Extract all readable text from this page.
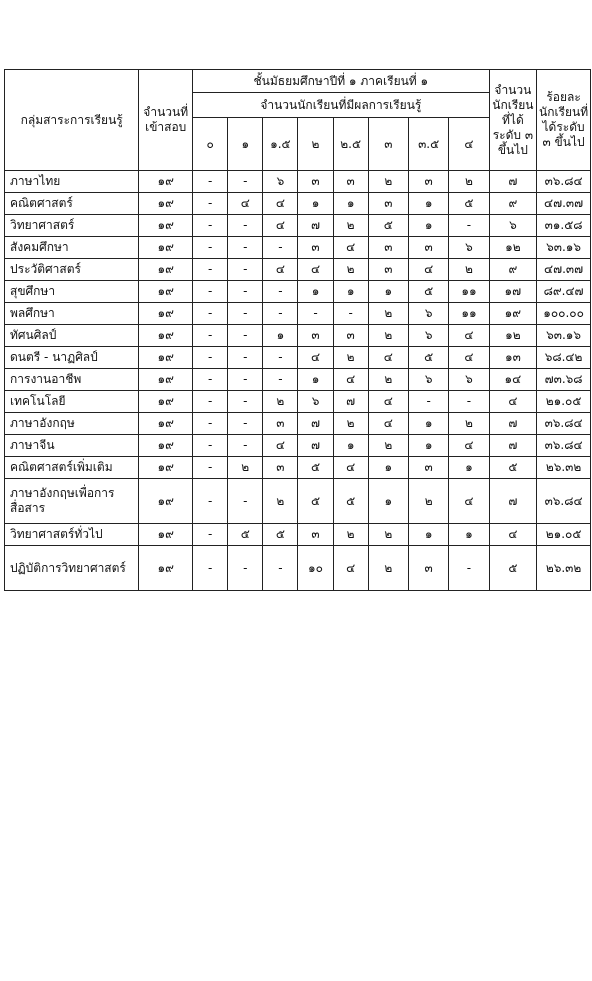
กลุ่มสาระการเรียนรู้	จำนวนที่เข้าสอบ	ชั้นมัธยมศึกษาปีที่ ๑ ภาคเรียนที่ ๑								จำนวนนักเรียนที่ได้ระดับ ๓ ขึ้นไป	ร้อยละนักเรียนที่ได้ระดับ ๓ ขึ้นไป
		จำนวนนักเรียนที่มีผลการเรียนรู้									
		๐	๑	๑.๕	๒	๒.๕	๓	๓.๕	๔		
ภาษาไทย	๑๙	-	-	๖	๓	๓	๒	๓	๒	๗	๓๖.๘๔
คณิตศาสตร์	๑๙	-	๔	๔	๑	๑	๓	๑	๕	๙	๔๗.๓๗
วิทยาศาสตร์	๑๙	-	-	๔	๗	๒	๕	๑	-	๖	๓๑.๕๘
สังคมศึกษา	๑๙	-	-	-	๓	๔	๓	๓	๖	๑๒	๖๓.๑๖
ประวัติศาสตร์	๑๙	-	-	๔	๔	๒	๓	๔	๒	๙	๔๗.๓๗
สุขศึกษา	๑๙	-	-	-	๑	๑	๑	๕	๑๑	๑๗	๘๙.๔๗
พลศึกษา	๑๙	-	-	-	-	-	๒	๖	๑๑	๑๙	๑๐๐.๐๐
ทัศนศิลป์	๑๙	-	-	๑	๓	๓	๒	๖	๔	๑๒	๖๓.๑๖
ดนตรี - นาฏศิลป์	๑๙	-	-	-	๔	๒	๔	๕	๔	๑๓	๖๘.๔๒
การงานอาชีพ	๑๙	-	-	-	๑	๔	๒	๖	๖	๑๔	๗๓.๖๘
เทคโนโลยี	๑๙	-	-	๒	๖	๗	๔	-	-	๔	๒๑.๐๕
ภาษาอังกฤษ	๑๙	-	-	๓	๗	๒	๔	๑	๒	๗	๓๖.๘๔
ภาษาจีน	๑๙	-	-	๔	๗	๑	๒	๑	๔	๗	๓๖.๘๔
คณิตศาสตร์เพิ่มเติม	๑๙	-	๒	๓	๕	๔	๑	๓	๑	๕	๒๖.๓๒
ภาษาอังกฤษเพื่อการสื่อสาร	๑๙	-	-	๒	๕	๕	๑	๒	๔	๗	๓๖.๘๔
วิทยาศาสตร์ทั่วไป	๑๙	-	๕	๕	๓	๒	๒	๑	๑	๔	๒๑.๐๕
ปฏิบัติการวิทยาศาสตร์	๑๙	-	-	-	๑๐	๔	๒	๓	-	๕	๒๖.๓๒
